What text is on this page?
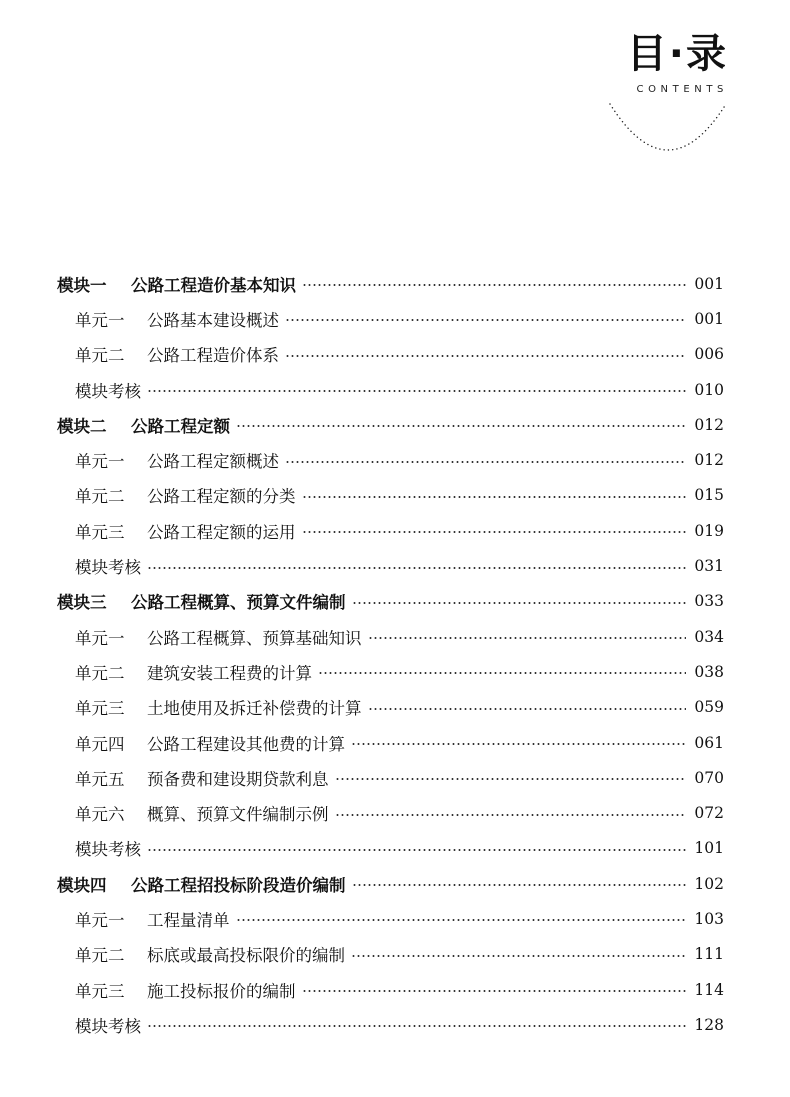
目·录
CONTENTS
模块一	公路工程造价基本知识	001
单元一	公路基本建设概述	001
单元二	公路工程造价体系	006
模块考核	010
模块二	公路工程定额	012
单元一	公路工程定额概述	012
单元二	公路工程定额的分类	015
单元三	公路工程定额的运用	019
模块考核	031
模块三	公路工程概算、预算文件编制	033
单元一	公路工程概算、预算基础知识	034
单元二	建筑安装工程费的计算	038
单元三	土地使用及拆迁补偿费的计算	059
单元四	公路工程建设其他费的计算	061
单元五	预备费和建设期贷款利息	070
单元六	概算、预算文件编制示例	072
模块考核	101
模块四	公路工程招投标阶段造价编制	102
单元一	工程量清单	103
单元二	标底或最高投标限价的编制	111
单元三	施工投标报价的编制	114
模块考核	128
